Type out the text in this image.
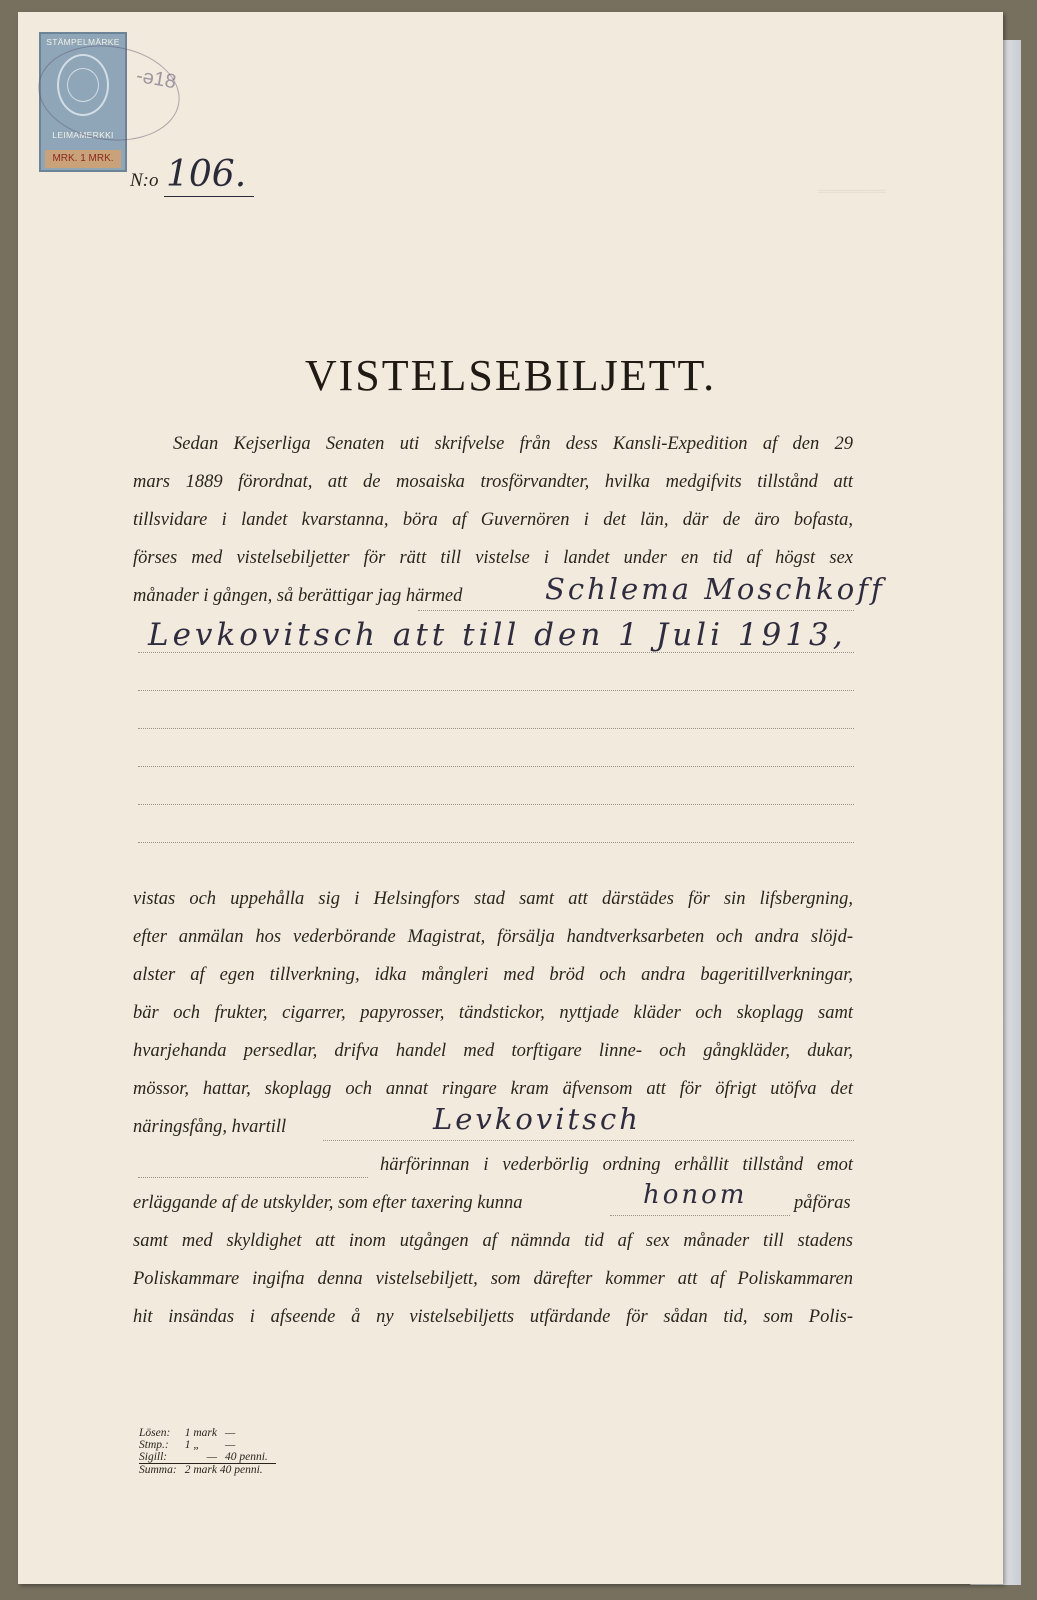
‗‗‗‗‗‗‗‗‗
STÄMPELMÄRKE
LEIMAMERKKI
MRK. 1 MRK.
-ə18
N:o 106.
VISTELSEBILJETT.
Sedan Kejserliga Senaten uti skrifvelse från dess Kansli-Expedition af den 29
mars 1889 förordnat, att de mosaiska trosförvandter, hvilka medgifvits tillstånd att
tillsvidare i landet kvarstanna, böra af Guvernören i det län, där de äro bofasta,
förses med vistelsebiljetter för rätt till vistelse i landet under en tid af högst sex
månader i gången, så berättigar jag härmed	Schlema Moschkoff
Levkovitsch att till den 1 Juli 1913,
vistas och uppehålla sig i Helsingfors stad samt att därstädes för sin lifsbergning,
efter anmälan hos vederbörande Magistrat, försälja handtverksarbeten och andra slöjd-
alster af egen tillverkning, idka mångleri med bröd och andra bageritillverkningar,
bär och frukter, cigarrer, papyrosser, tändstickor, nyttjade kläder och skoplagg samt
hvarjehanda persedlar, drifva handel med torftigare linne- och gångkläder, dukar,
mössor, hattar, skoplagg och annat ringare kram äfvensom att för öfrigt utöfva det
näringsfång, hvartill	Levkovitsch
härförinnan i vederbörlig ordning erhållit tillstånd emot
erläggande af de utskylder, som efter taxering kunna	honom	påföras
samt med skyldighet att inom utgången af nämnda tid af sex månader till stadens
Poliskammare ingifna denna vistelsebiljett, som därefter kommer att af Poliskammaren
hit insändas i afseende å ny vistelsebiljetts utfärdande för sådan tid, som Polis-
Lösen:	1 mark	—
Stmp.:	1 „	—
Sigill:	—	40 penni.
Summa:	2 mark 40 penni.	
